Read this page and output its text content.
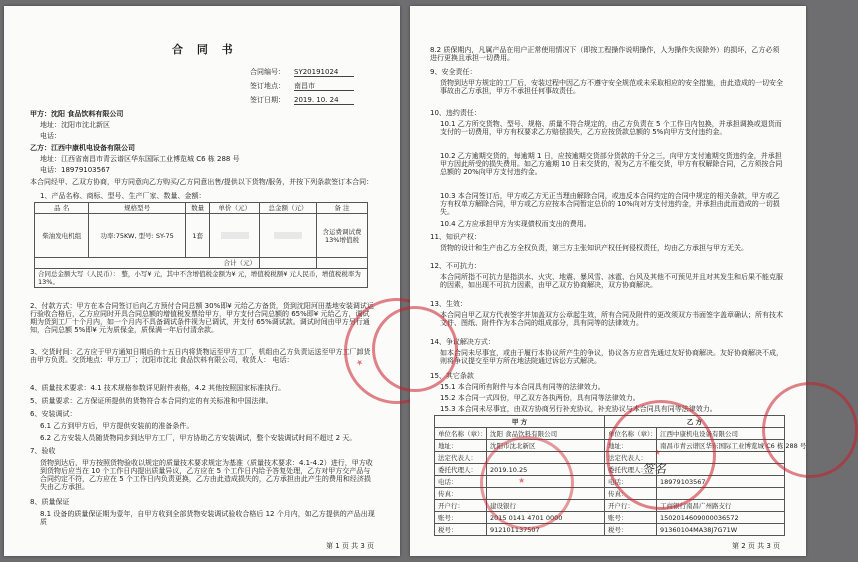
合 同 书
合同编号： SY20191024
签订地点： 南昌市
签订日期： 2019. 10. 24
甲方：沈阳 食品饮料有限公司
地址：沈阳市沈北新区
电话：
乙方：江西中康机电设备有限公司
地址：江西省南昌市青云谱区华东国际工业博览城 C6 栋 288 号
电话：18979103567
本合同经甲、乙双方协商，甲方同意向乙方购买/乙方同意出售/提供以下货物/服务，并按下列条款签订本合同：
1、产品名称、商标、型号、生产厂家、数量、金额：
品 名	规格型号	数量	单价（元）	总金额（元）	备 注
柴油发电机组	功率:75KW, 型号: SY-75	1套			含运费调试费13%增值税
合计（元）					
合同总金额大写（人民币）： 整，小写¥ 元，其中不含增值税金额为¥ 元，增值税税额¥ 元人民币，增值税税率为 13%。					
2、付款方式：甲方在本合同签订后向乙方预付合同总额 30%即¥ 元给乙方备货，货到沈阳河田基地安装调试运行验收合格后，乙方应同时开具合同总额的增值税发票给甲方，甲方支付合同总额的 65%即¥ 元给乙方，调试期为货到工厂十个月内，如一个月内不具备调试条件视为已调试，并支付 65%调试款。调试时间由甲方另行通知，合同总额 5%即¥ 元为质保金，质保满一年后付清余款。
3、交货时间：乙方应于甲方通知日期后的十五日内将货物运至甲方工厂，机组由乙方负责运送至甲方工厂卸货由甲方负责。交货地点：甲方工厂；沈阳市沈北 食品饮料有限公司，收货人： 电话：
4、质量技术要求：4.1 技术规格参数详见附件表格，4.2 其他按照国家标准执行。
5、质量要求：乙方保证所提供的货物符合本合同约定的有关标准和中国法律。
6、安装调试：
6.1 乙方到甲方后，甲方提供安装前的准备条件。
6.2 乙方安装人员随货物同步到达甲方工厂，甲方协助乙方安装调试，整个安装调试时间不超过 2 天。
7、验收
货物到达后，甲方按照货物验收以规定的质量技术要求规定为基准（质量技术要求：4.1-4.2）进行，甲方收到货物后应当在 10 个工作日内提出质量异议，乙方应在 5 个工作日内给予答复处理，乙方对甲方交产品与合同约定不符，乙方应在 5 个工作日内负责更换，乙方由此造成损失的，乙方承担由此产生的费用和经济损失由乙方承担。
8、质量保证
8.1 设备的质量保证期为壹年，自甲方收到全部货物安装调试验收合格后 12 个月内，如乙方提供的产品出现质
第 1 页 共 3 页
★
8.2 质保期内，凡属产品在用户正常使用情况下（即按工程操作说明操作，人为操作失误除外）的损坏，乙方必须进行更换且承担一切费用。
9、安全责任：
货物到达甲方规定的工厂后，安装过程中因乙方不遵守安全规范或未采取相应的安全措施，由此造成的一切安全事故由乙方承担，甲方不承担任何事故责任。
10、违约责任：
10.1 乙方所交货物、型号、规格、质量不符合规定的，由乙方负责在 5 个工作日内包换，并承担调换或退货而支付的一切费用，甲方有权要求乙方赔偿损失，乙方应按货款总额的 5%向甲方支付违约金。
10.2 乙方逾期交货的，每逾期 1 日，应按逾期交货部分货款的千分之三，向甲方支付逾期交货违约金，并承担甲方因此所受的损失费用。如乙方逾期 10 日未交货的，视为乙方不能交货，甲方有权解除合同，乙方须按合同总额的 20%向甲方支付违约金。
10.3 本合同签订后，甲方或乙方无正当理由解除合同，或违反本合同约定的合同中规定的相关条款，甲方或乙方有权单方解除合同，甲方或乙方应按本合同暂定总价的 10%向对方支付违约金，并承担由此而造成的一切损失。
10.4 乙方应承担甲方为实现债权而支出的费用。
11、知识产权：
货物的设计和生产由乙方全权负责，第三方主张知识产权任何侵权责任，均由乙方承担与甲方无关。
12、不可抗力：
本合同所指不可抗力是指洪水、火灾、地震、暴风雪、冰雹、台风及其他不可预见并且对其发生和后果不能克服的因素，如出现不可抗力因素，由甲乙双方协商解决，双方协商解决。
13、生效：
本合同自甲乙双方代表签字并加盖双方公章起生效，所有合同及附件的更改须双方书面签字盖章确认；所有技术文件、图纸、附件作为本合同的组成部分，具有同等的法律效力。
14、争议解决方式：
如本合同未尽事宜，或由于履行本协议所产生的争议，协议各方应首先通过友好协商解决。友好协商解决不成，则将争议提交至甲方所在地法院通过诉讼方式解决。
15、其它条款
15.1 本合同所有附件与本合同具有同等的法律效力。
15.2 本合同一式四份，甲乙双方各执两份，具有同等法律效力。
15.3 本合同未尽事宜，由双方协商另行补充协议，补充协议与本合同具有同等法律效力。
甲 方		乙 方	
单位名称（章）：	沈阳 食品饮料有限公司	单位名称（章）：	江西中康机电设备有限公司
地址：	沈阳市沈北新区	地址：	南昌市青云谱区华东国际工业博览城 C6 栋 288 号
法定代表人：		法定代表人：	
委托代理人：	2019.10.25	委托代理人：	
电话：		电话：	18979103567
传真：		传真：	
开户行：	建设银行	开户行：	工商银行南昌广州路支行
账号：	2015 0141 4701 0000	账号：	1502014609000036572
税号：	912101137507	税号：	91360104MA38J7G71W
第 2 页 共 3 页
★
★
签名
